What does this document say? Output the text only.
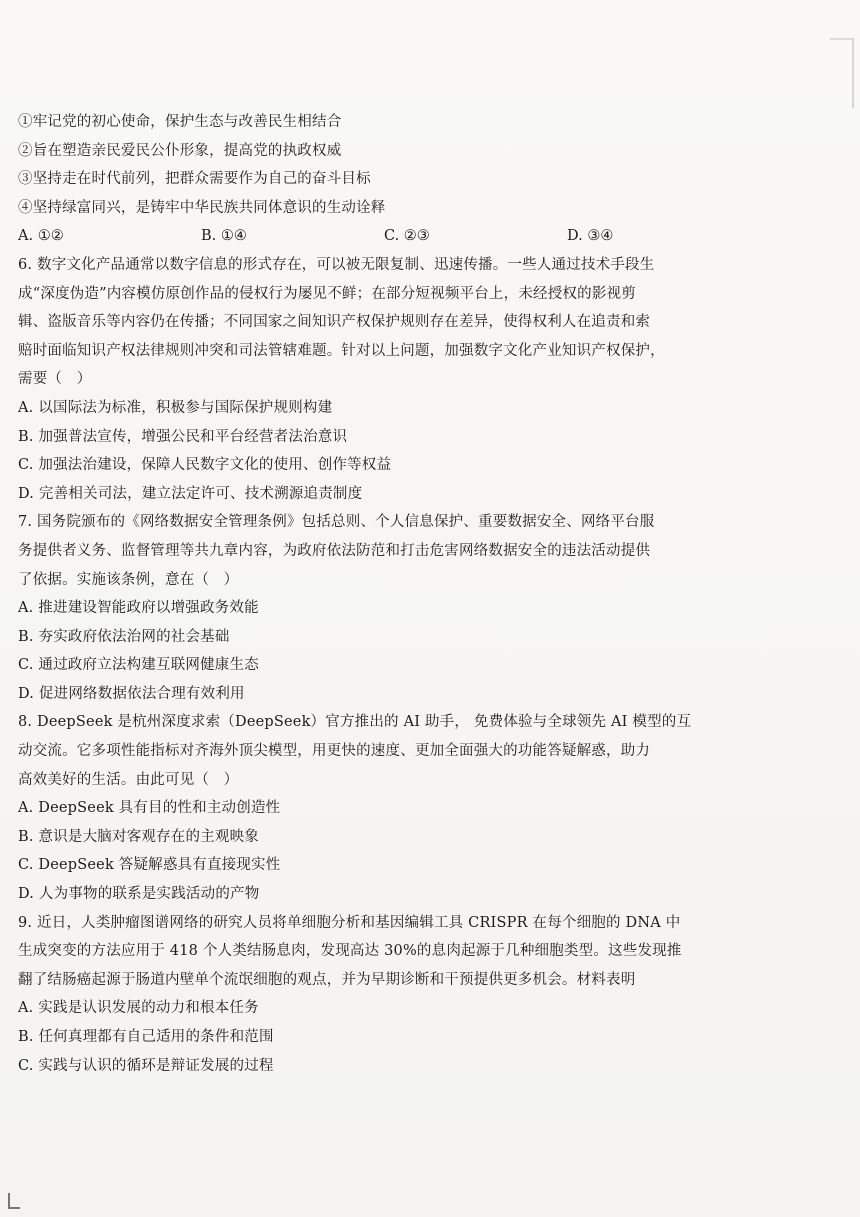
①牢记党的初心使命，保护生态与改善民生相结合
②旨在塑造亲民爱民公仆形象，提高党的执政权威
③坚持走在时代前列，把群众需要作为自己的奋斗目标
④坚持绿富同兴，是铸牢中华民族共同体意识的生动诠释
A. ①②	B. ①④	C. ②③	D. ③④
6. 数字文化产品通常以数字信息的形式存在，可以被无限复制、迅速传播。一些人通过技术手段生
成“深度伪造”内容模仿原创作品的侵权行为屡见不鲜；在部分短视频平台上，未经授权的影视剪
辑、盗版音乐等内容仍在传播；不同国家之间知识产权保护规则存在差异，使得权利人在追责和索
赔时面临知识产权法律规则冲突和司法管辖难题。针对以上问题，加强数字文化产业知识产权保护，
需要（　）
A. 以国际法为标准，积极参与国际保护规则构建
B. 加强普法宣传，增强公民和平台经营者法治意识
C. 加强法治建设，保障人民数字文化的使用、创作等权益
D. 完善相关司法，建立法定许可、技术溯源追责制度
7. 国务院颁布的《网络数据安全管理条例》包括总则、个人信息保护、重要数据安全、网络平台服
务提供者义务、监督管理等共九章内容，为政府依法防范和打击危害网络数据安全的违法活动提供
了依据。实施该条例，意在（　）
A. 推进建设智能政府以增强政务效能
B. 夯实政府依法治网的社会基础
C. 通过政府立法构建互联网健康生态
D. 促进网络数据依法合理有效利用
8. DeepSeek 是杭州深度求索（DeepSeek）官方推出的 AI 助手， 免费体验与全球领先 AI 模型的互
动交流。它多项性能指标对齐海外顶尖模型，用更快的速度、更加全面强大的功能答疑解惑，助力
高效美好的生活。由此可见（　）
A. DeepSeek 具有目的性和主动创造性
B. 意识是大脑对客观存在的主观映象
C. DeepSeek 答疑解惑具有直接现实性
D. 人为事物的联系是实践活动的产物
9. 近日，人类肿瘤图谱网络的研究人员将单细胞分析和基因编辑工具 CRISPR 在每个细胞的 DNA 中
生成突变的方法应用于 418 个人类结肠息肉，发现高达 30%的息肉起源于几种细胞类型。这些发现推
翻了结肠癌起源于肠道内壁单个流氓细胞的观点，并为早期诊断和干预提供更多机会。材料表明
A. 实践是认识发展的动力和根本任务
B. 任何真理都有自己适用的条件和范围
C. 实践与认识的循环是辩证发展的过程
